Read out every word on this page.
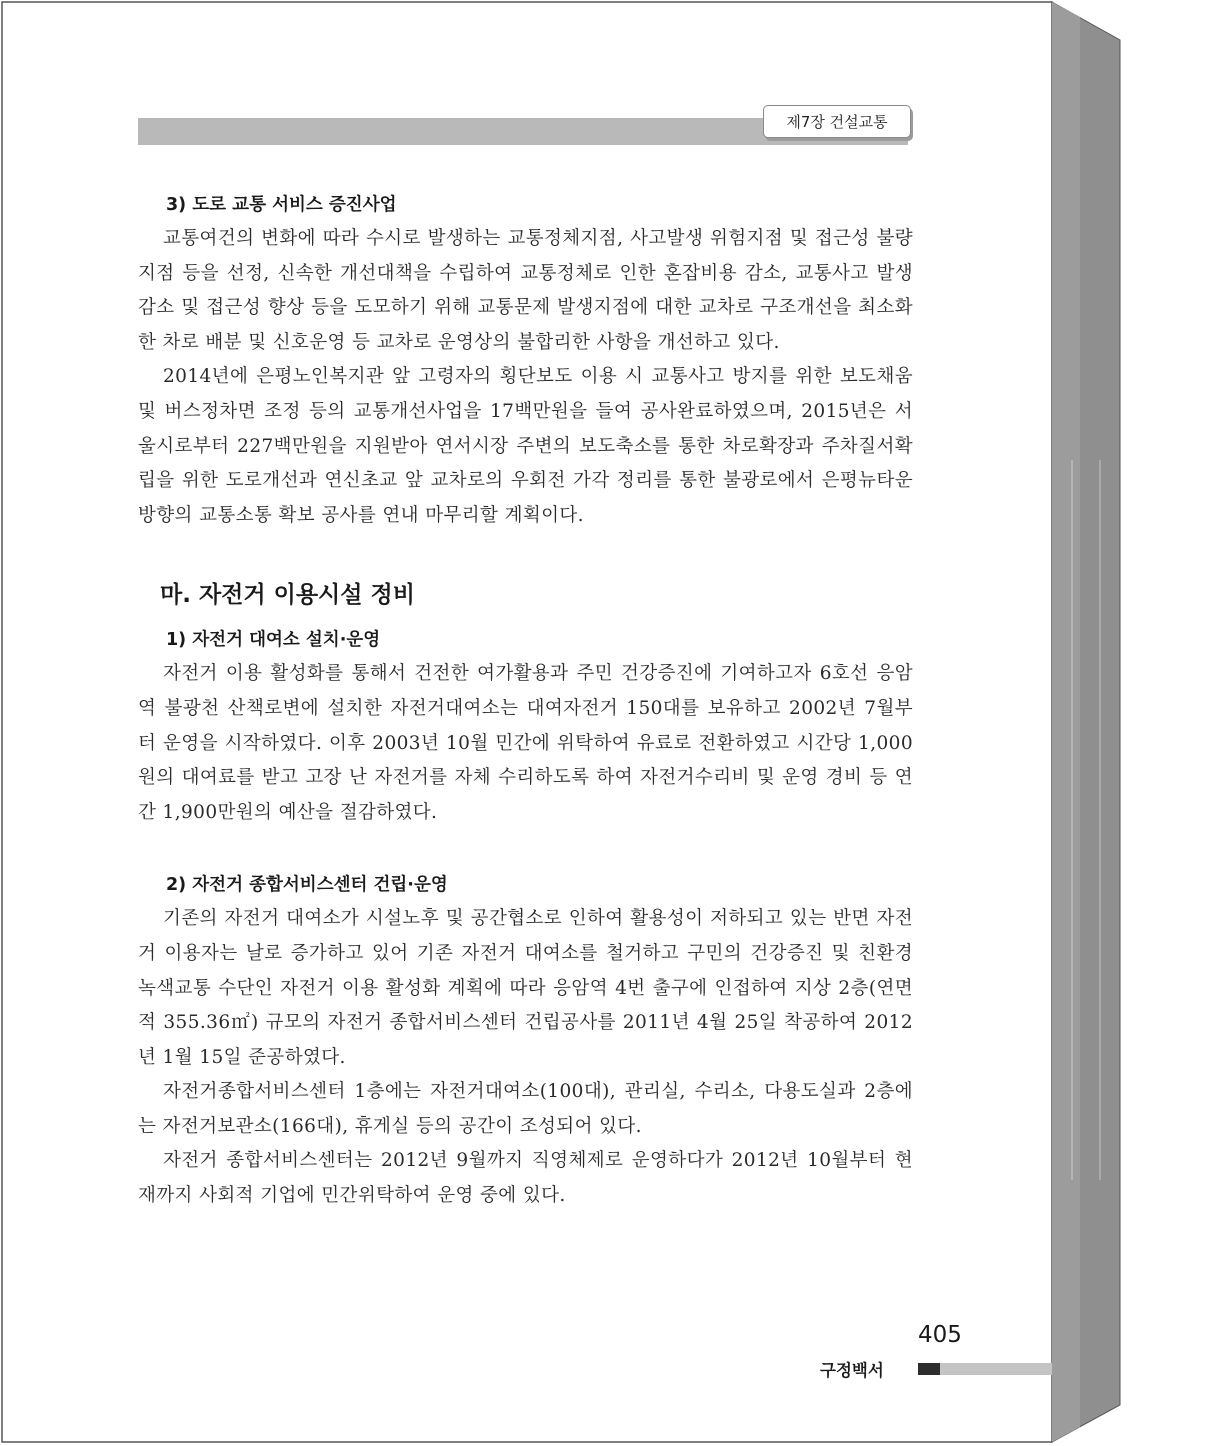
제7장 건설교통
3) 도로 교통 서비스 증진사업

교통여건의 변화에 따라 수시로 발생하는 교통정체지점, 사고발생 위험지점 및 접근성 불량지점 등을 선정, 신속한 개선대책을 수립하여 교통정체로 인한 혼잡비용 감소, 교통사고 발생감소 및 접근성 향상 등을 도모하기 위해 교통문제 발생지점에 대한 교차로 구조개선을 최소화한 차로 배분 및 신호운영 등 교차로 운영상의 불합리한 사항을 개선하고 있다.

2014년에 은평노인복지관 앞 고령자의 횡단보도 이용 시 교통사고 방지를 위한 보도채움 및 버스정차면 조정 등의 교통개선사업을 17백만원을 들여 공사완료하였으며, 2015년은 서울시로부터 227백만원을 지원받아 연서시장 주변의 보도축소를 통한 차로확장과 주차질서확립을 위한 도로개선과 연신초교 앞 교차로의 우회전 가각 정리를 통한 불광로에서 은평뉴타운 방향의 교통소통 확보 공사를 연내 마무리할 계획이다.

마. 자전거 이용시설 정비
1) 자전거 대여소 설치·운영

자전거 이용 활성화를 통해서 건전한 여가활용과 주민 건강증진에 기여하고자 6호선 응암역 불광천 산책로변에 설치한 자전거대여소는 대여자전거 150대를 보유하고 2002년 7월부터 운영을 시작하였다. 이후 2003년 10월 민간에 위탁하여 유료로 전환하였고 시간당 1,000원의 대여료를 받고 고장 난 자전거를 자체 수리하도록 하여 자전거수리비 및 운영 경비 등 연간 1,900만원의 예산을 절감하였다.

2) 자전거 종합서비스센터 건립·운영

기존의 자전거 대여소가 시설노후 및 공간협소로 인하여 활용성이 저하되고 있는 반면 자전거 이용자는 날로 증가하고 있어 기존 자전거 대여소를 철거하고 구민의 건강증진 및 친환경 녹색교통 수단인 자전거 이용 활성화 계획에 따라 응암역 4번 출구에 인접하여 지상 2층(연면적 355.36㎡) 규모의 자전거 종합서비스센터 건립공사를 2011년 4월 25일 착공하여 2012년 1월 15일 준공하였다.

자전거종합서비스센터 1층에는 자전거대여소(100대), 관리실, 수리소, 다용도실과 2층에는 자전거보관소(166대), 휴게실 등의 공간이 조성되어 있다.

자전거 종합서비스센터는 2012년 9월까지 직영체제로 운영하다가 2012년 10월부터 현재까지 사회적 기업에 민간위탁하여 운영 중에 있다.

405
구정백서
